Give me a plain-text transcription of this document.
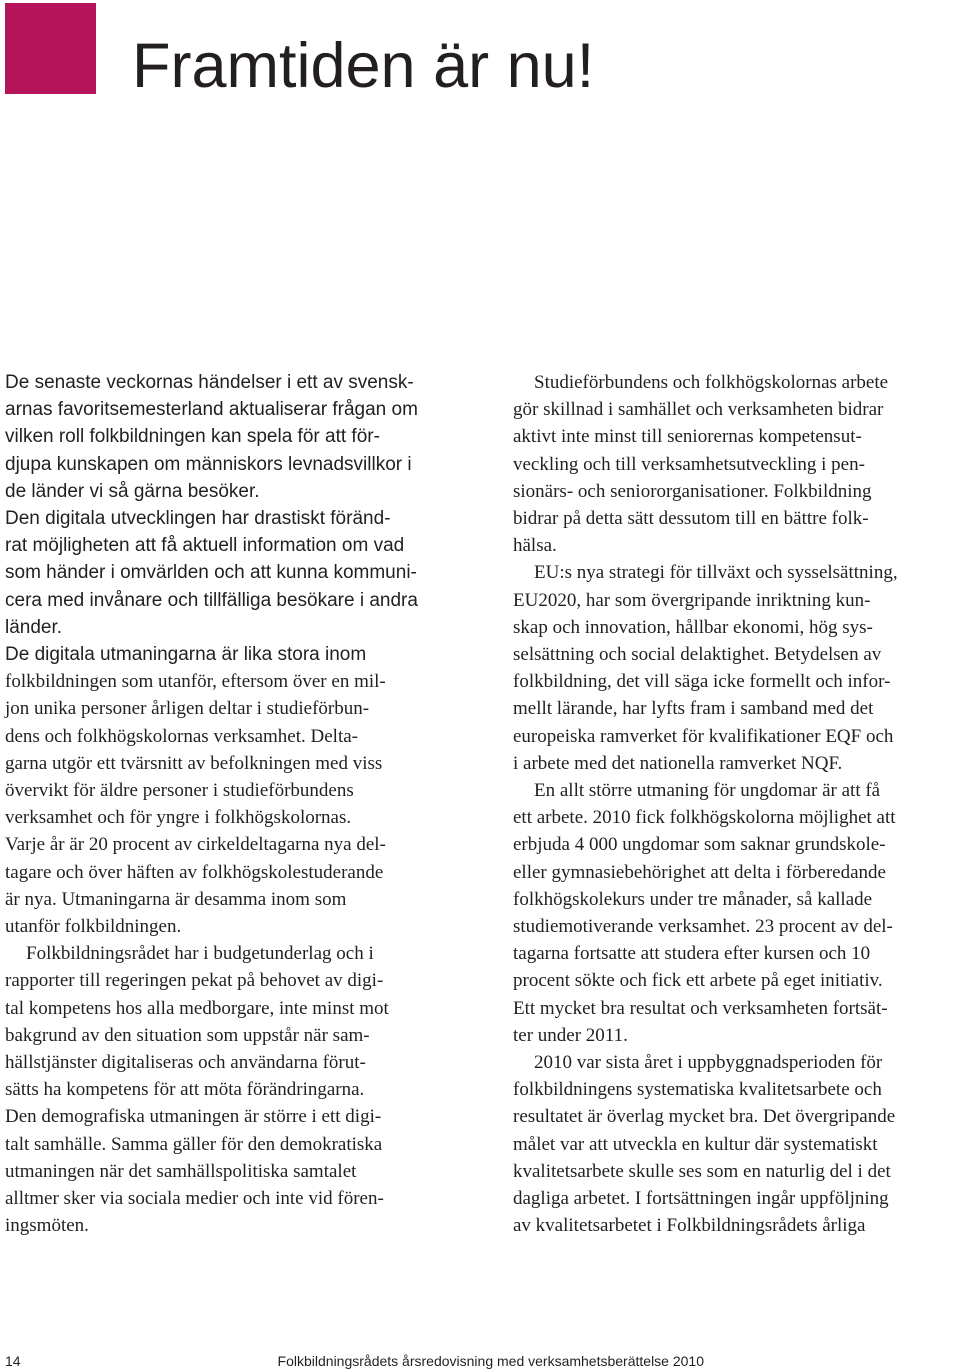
Framtiden är nu!

De senaste veckornas händelser i ett av svensk-

arnas favoritsemesterland aktualiserar frågan om

vilken roll folkbildningen kan spela för att för-

djupa kunskapen om människors levnadsvillkor i

de länder vi så gärna besöker.

Den digitala utvecklingen har drastiskt föränd-

rat möjligheten att få aktuell information om vad

som händer i omvärlden och att kunna kommuni-

cera med invånare och tillfälliga besökare i andra

länder.

De digitala utmaningarna är lika stora inom

folkbildningen som utanför, eftersom över en mil-

jon unika personer årligen deltar i studieförbun-

dens och folkhögskolornas verksamhet. Delta-

garna utgör ett tvärsnitt av befolkningen med viss

övervikt för äldre personer i studieförbundens

verksamhet och för yngre i folkhögskolornas.

Varje år är 20 procent av cirkeldeltagarna nya del-

tagare och över häften av folkhögskolestuderande

är nya. Utmaningarna är desamma inom som

utanför folkbildningen.

Folkbildningsrådet har i budgetunderlag och i

rapporter till regeringen pekat på behovet av digi-

tal kompetens hos alla medborgare, inte minst mot

bakgrund av den situation som uppstår när sam-

hällstjänster digitaliseras och användarna förut-

sätts ha kompetens för att möta förändringarna.

Den demografiska utmaningen är större i ett digi-

talt samhälle. Samma gäller för den demokratiska

utmaningen när det samhällspolitiska samtalet

alltmer sker via sociala medier och inte vid fören-

ingsmöten.

Studieförbundens och folkhögskolornas arbete

gör skillnad i samhället och verksamheten bidrar

aktivt inte minst till seniorernas kompetensut-

veckling och till verksamhetsutveckling i pen-

sionärs- och seniororganisationer. Folkbildning

bidrar på detta sätt dessutom till en bättre folk-

hälsa.

EU:s nya strategi för tillväxt och sysselsättning,

EU2020, har som övergripande inriktning kun-

skap och innovation, hållbar ekonomi, hög sys-

selsättning och social delaktighet. Betydelsen av

folkbildning, det vill säga icke formellt och infor-

mellt lärande, har lyfts fram i samband med det

europeiska ramverket för kvalifikationer EQF och

i arbete med det nationella ramverket NQF.

En allt större utmaning för ungdomar är att få

ett arbete. 2010 fick folkhögskolorna möjlighet att

erbjuda 4 000 ungdomar som saknar grundskole-

eller gymnasiebehörighet att delta i förberedande

folkhögskolekurs under tre månader, så kallade

studiemotiverande verksamhet. 23 procent av del-

tagarna fortsatte att studera efter kursen och 10

procent sökte och fick ett arbete på eget initiativ.

Ett mycket bra resultat och verksamheten fortsät-

ter under 2011.

2010 var sista året i uppbyggnadsperioden för

folkbildningens systematiska kvalitetsarbete och

resultatet är överlag mycket bra. Det övergripande

målet var att utveckla en kultur där systematiskt

kvalitetsarbete skulle ses som en naturlig del i det

dagliga arbetet. I fortsättningen ingår uppföljning

av kvalitetsarbetet i Folkbildningsrådets årliga

14	Folkbildningsrådets årsredovisning med verksamhetsberättelse 2010
